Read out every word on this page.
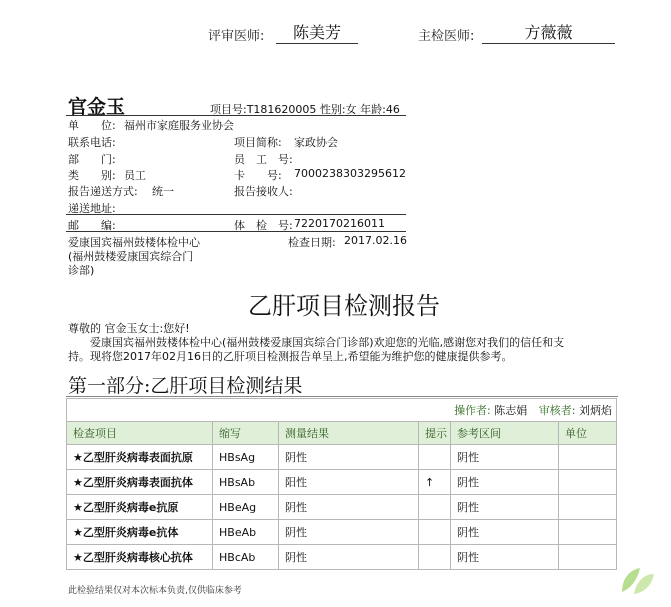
评审医师:	陈美芳	主检医师:	方薇薇
官金玉	项目号:T181620005 性别:女 年龄:46
单　　位: 福州市家庭服务业协会
联系电话:	项目简称: 家政协会
部　　门:	员　工　号:
类　　别: 员工	卡　　号: 7000238303295612
报告递送方式: 统一	报告接收人:
递送地址:
邮　　编:	体　检　号: 7220170216011
爱康国宾福州鼓楼体检中心
(福州鼓楼爱康国宾综合门
诊部)
检查日期: 2017.02.16
乙肝项目检测报告
尊敬的 官金玉女士:您好!
爱康国宾福州鼓楼体检中心(福州鼓楼爱康国宾综合门诊部)欢迎您的光临,感谢您对我们的信任和支
持。现将您2017年02月16日的乙肝项目检测报告单呈上,希望能为维护您的健康提供参考。
第一部分:乙肝项目检测结果
操作者: 陈志娟 审核者: 刘炳焰					
检查项目	缩写	测量结果	提示	参考区间	单位
★乙型肝炎病毒表面抗原	HBsAg	阴性		阴性	
★乙型肝炎病毒表面抗体	HBsAb	阳性	↑	阴性	
★乙型肝炎病毒e抗原	HBeAg	阴性		阴性	
★乙型肝炎病毒e抗体	HBeAb	阴性		阴性	
★乙型肝炎病毒核心抗体	HBcAb	阴性		阴性	
此检验结果仅对本次标本负责,仅供临床参考
